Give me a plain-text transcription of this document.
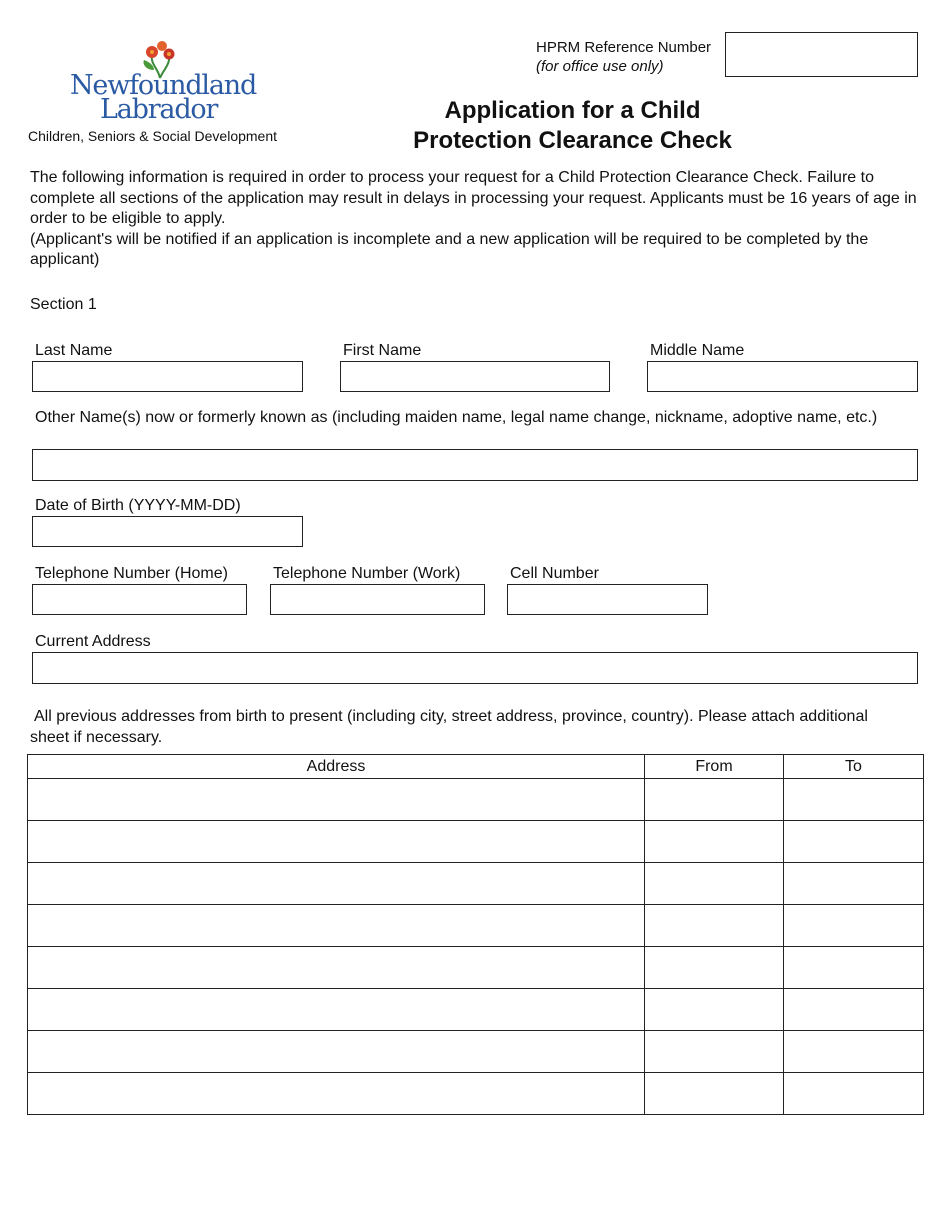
Newfoundland
Labrador
Children, Seniors & Social Development
HPRM Reference Number
(for office use only)
Application for a Child
Protection Clearance Check
The following information is required in order to process your request for a Child Protection Clearance Check. Failure to complete all sections of the application may result in delays in processing your request. Applicants must be 16 years of age in order to be eligible to apply.
(Applicant's will be notified if an application is incomplete and a new application will be required to be completed by the applicant)
Section 1
Last Name	First Name	Middle Name
Other Name(s) now or formerly known as (including maiden name, legal name change, nickname, adoptive name, etc.)
Date of Birth (YYYY-MM-DD)
Telephone Number (Home)	Telephone Number (Work)	Cell Number
Current Address
All previous addresses from birth to present (including city, street address, province, country). Please attach additional sheet if necessary.
Address	From	To
